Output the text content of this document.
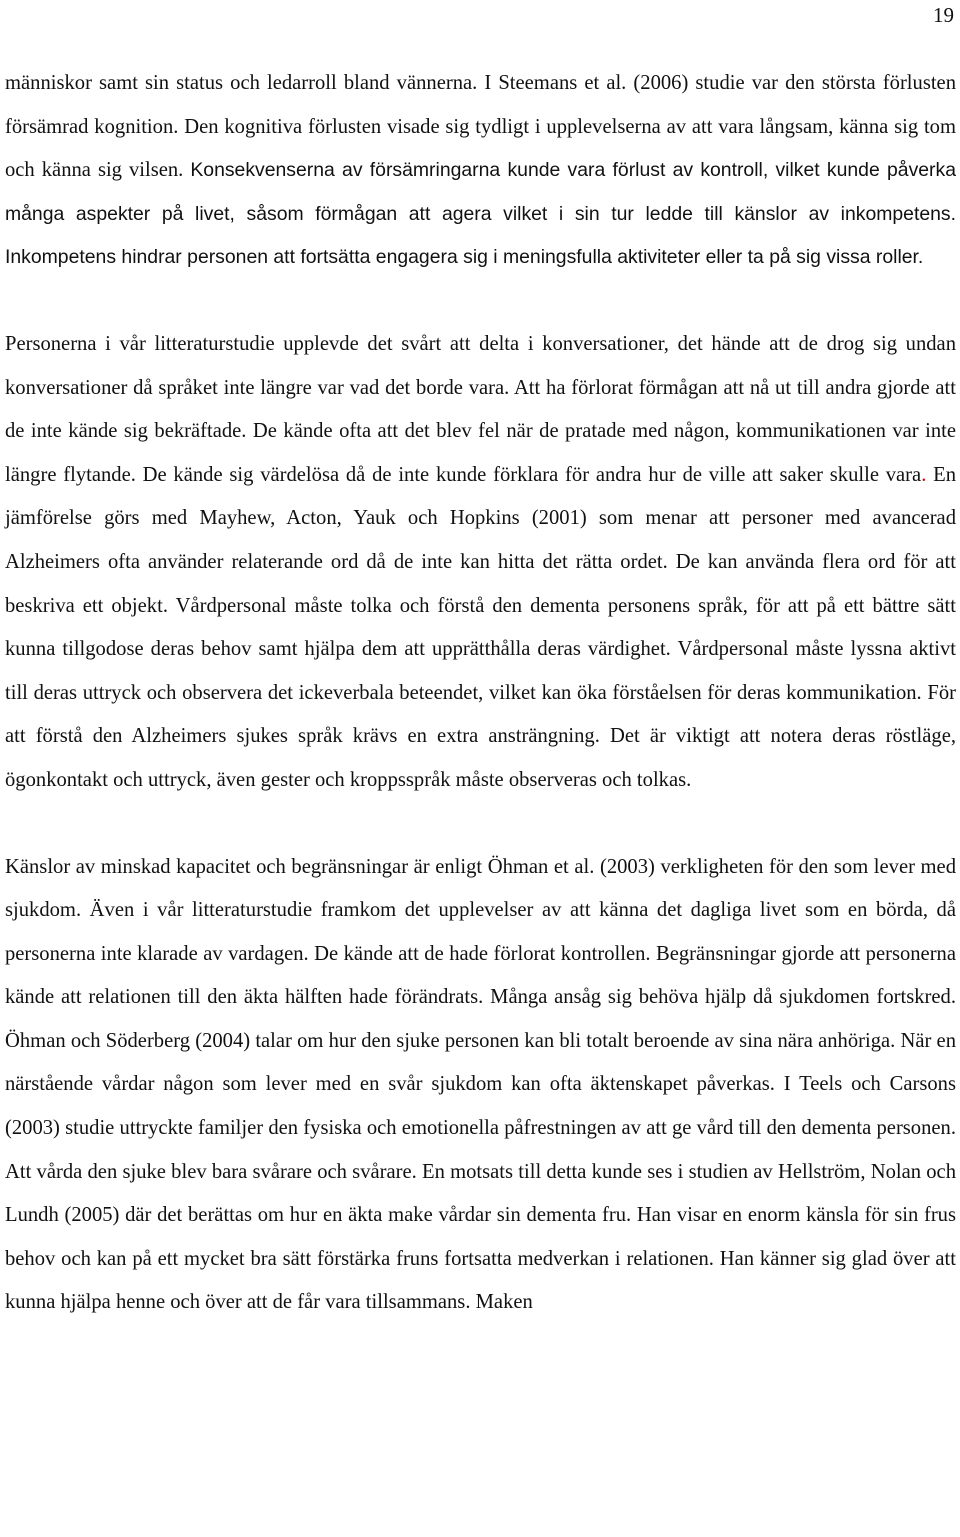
19

människor samt sin status och ledarroll bland vännerna. I Steemans et al. (2006) studie var den största förlusten försämrad kognition. Den kognitiva förlusten visade sig tydligt i upplevelserna av att vara långsam, känna sig tom och känna sig vilsen. Konsekvenserna av försämringarna kunde vara förlust av kontroll, vilket kunde påverka många aspekter på livet, såsom förmågan att agera vilket i sin tur ledde till känslor av inkompetens. Inkompetens hindrar personen att fortsätta engagera sig i meningsfulla aktiviteter eller ta på sig vissa roller.

Personerna i vår litteraturstudie upplevde det svårt att delta i konversationer, det hände att de drog sig undan konversationer då språket inte längre var vad det borde vara. Att ha förlorat förmågan att nå ut till andra gjorde att de inte kände sig bekräftade. De kände ofta att det blev fel när de pratade med någon, kommunikationen var inte längre flytande. De kände sig värdelösa då de inte kunde förklara för andra hur de ville att saker skulle vara. En jämförelse görs med Mayhew, Acton, Yauk och Hopkins (2001) som menar att personer med avancerad Alzheimers ofta använder relaterande ord då de inte kan hitta det rätta ordet. De kan använda flera ord för att beskriva ett objekt. Vårdpersonal måste tolka och förstå den dementa personens språk, för att på ett bättre sätt kunna tillgodose deras behov samt hjälpa dem att upprätthålla deras värdighet. Vårdpersonal måste lyssna aktivt till deras uttryck och observera det ickeverbala beteendet, vilket kan öka förståelsen för deras kommunikation. För att förstå den Alzheimers sjukes språk krävs en extra ansträngning. Det är viktigt att notera deras röstläge, ögonkontakt och uttryck, även gester och kroppsspråk måste observeras och tolkas.

Känslor av minskad kapacitet och begränsningar är enligt Öhman et al. (2003) verkligheten för den som lever med sjukdom. Även i vår litteraturstudie framkom det upplevelser av att känna det dagliga livet som en börda, då personerna inte klarade av vardagen. De kände att de hade förlorat kontrollen. Begränsningar gjorde att personerna kände att relationen till den äkta hälften hade förändrats. Många ansåg sig behöva hjälp då sjukdomen fortskred. Öhman och Söderberg (2004) talar om hur den sjuke personen kan bli totalt beroende av sina nära anhöriga. När en närstående vårdar någon som lever med en svår sjukdom kan ofta äktenskapet påverkas. I Teels och Carsons (2003) studie uttryckte familjer den fysiska och emotionella påfrestningen av att ge vård till den dementa personen. Att vårda den sjuke blev bara svårare och svårare. En motsats till detta kunde ses i studien av Hellström, Nolan och Lundh (2005) där det berättas om hur en äkta make vårdar sin dementa fru. Han visar en enorm känsla för sin frus behov och kan på ett mycket bra sätt förstärka fruns fortsatta medverkan i relationen. Han känner sig glad över att kunna hjälpa henne och över att de får vara tillsammans. Maken
